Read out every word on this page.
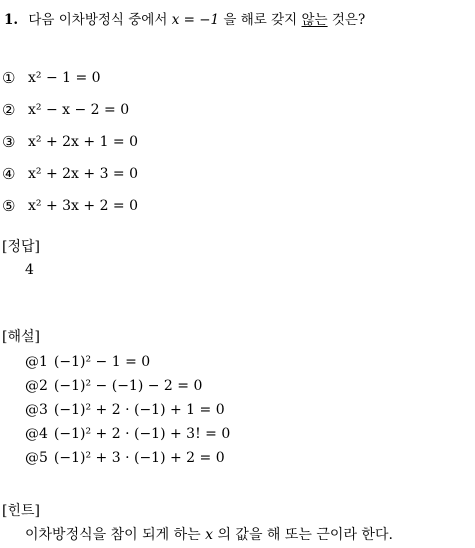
1. 다음 이차방정식 중에서 x = −1 을 해로 갖지 않는 것은?
① x² − 1 = 0
② x² − x − 2 = 0
③ x² + 2x + 1 = 0
④ x² + 2x + 3 = 0
⑤ x² + 3x + 2 = 0
[정답]
4
[해설]
@1 (−1)² − 1 = 0
@2 (−1)² − (−1) − 2 = 0
@3 (−1)² + 2 · (−1) + 1 = 0
@4 (−1)² + 2 · (−1) + 3! = 0
@5 (−1)² + 3 · (−1) + 2 = 0
[힌트]
이차방정식을 참이 되게 하는 x 의 값을 해 또는 근이라 한다.
